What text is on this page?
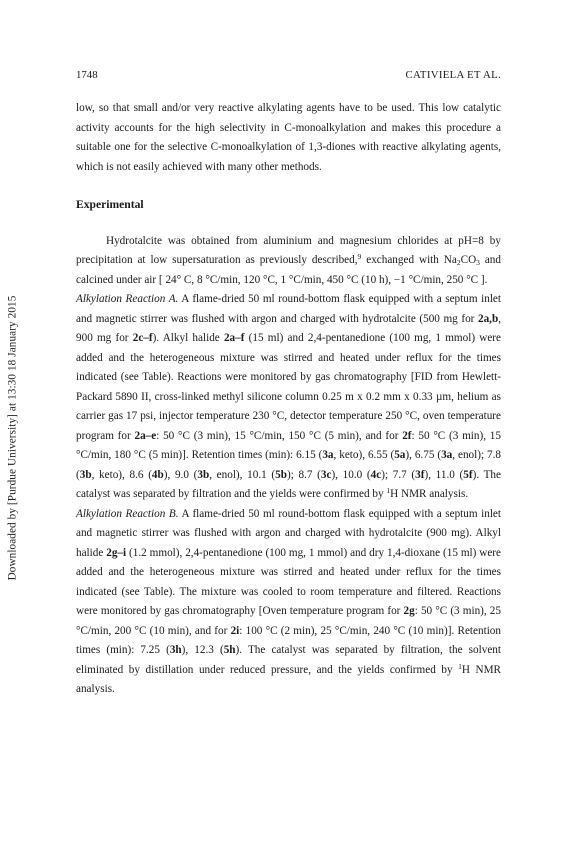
Downloaded by [Purdue University] at 13:30 18 January 2015
1748	CATIVIELA ET AL.

low, so that small and/or very reactive alkylating agents have to be used. This low catalytic activity accounts for the high selectivity in C-monoalkylation and makes this procedure a suitable one for the selective C-monoalkylation of 1,3-diones with reactive alkylating agents, which is not easily achieved with many other methods.

Experimental

Hydrotalcite was obtained from aluminium and magnesium chlorides at pH=8 by precipitation at low supersaturation as previously described,$^9$ exchanged with $Na_2CO_3$ and calcined under air [ 24° C, 8 °C/min, 120 °C, 1 °C/min, 450 °C (10 h), −1 °C/min, 250 °C ].

Alkylation Reaction A. A flame-dried 50 ml round-bottom flask equipped with a septum inlet and magnetic stirrer was flushed with argon and charged with hydrotalcite (500 mg for 2a,b, 900 mg for 2c–f). Alkyl halide 2a–f (15 ml) and 2,4-pentanedione (100 mg, 1 mmol) were added and the heterogeneous mixture was stirred and heated under reflux for the times indicated (see Table). Reactions were monitored by gas chromatography [FID from Hewlett-Packard 5890 II, cross-linked methyl silicone column 0.25 m x 0.2 mm x 0.33 µm, helium as carrier gas 17 psi, injector temperature 230 °C, detector temperature 250 °C, oven temperature program for 2a–e: 50 °C (3 min), 15 °C/min, 150 °C (5 min), and for 2f: 50 °C (3 min), 15 °C/min, 180 °C (5 min)]. Retention times (min): 6.15 (3a, keto), 6.55 (5a), 6.75 (3a, enol); 7.8 (3b, keto), 8.6 (4b), 9.0 (3b, enol), 10.1 (5b); 8.7 (3c), 10.0 (4c); 7.7 (3f), 11.0 (5f). The catalyst was separated by filtration and the yields were confirmed by $^1$H NMR analysis.

Alkylation Reaction B. A flame-dried 50 ml round-bottom flask equipped with a septum inlet and magnetic stirrer was flushed with argon and charged with hydrotalcite (900 mg). Alkyl halide 2g–i (1.2 mmol), 2,4-pentanedione (100 mg, 1 mmol) and dry 1,4-dioxane (15 ml) were added and the heterogeneous mixture was stirred and heated under reflux for the times indicated (see Table). The mixture was cooled to room temperature and filtered. Reactions were monitored by gas chromatography [Oven temperature program for 2g: 50 °C (3 min), 25 °C/min, 200 °C (10 min), and for 2i: 100 °C (2 min), 25 °C/min, 240 °C (10 min)]. Retention times (min): 7.25 (3h), 12.3 (5h). The catalyst was separated by filtration, the solvent eliminated by distillation under reduced pressure, and the yields confirmed by $^1$H NMR analysis.
